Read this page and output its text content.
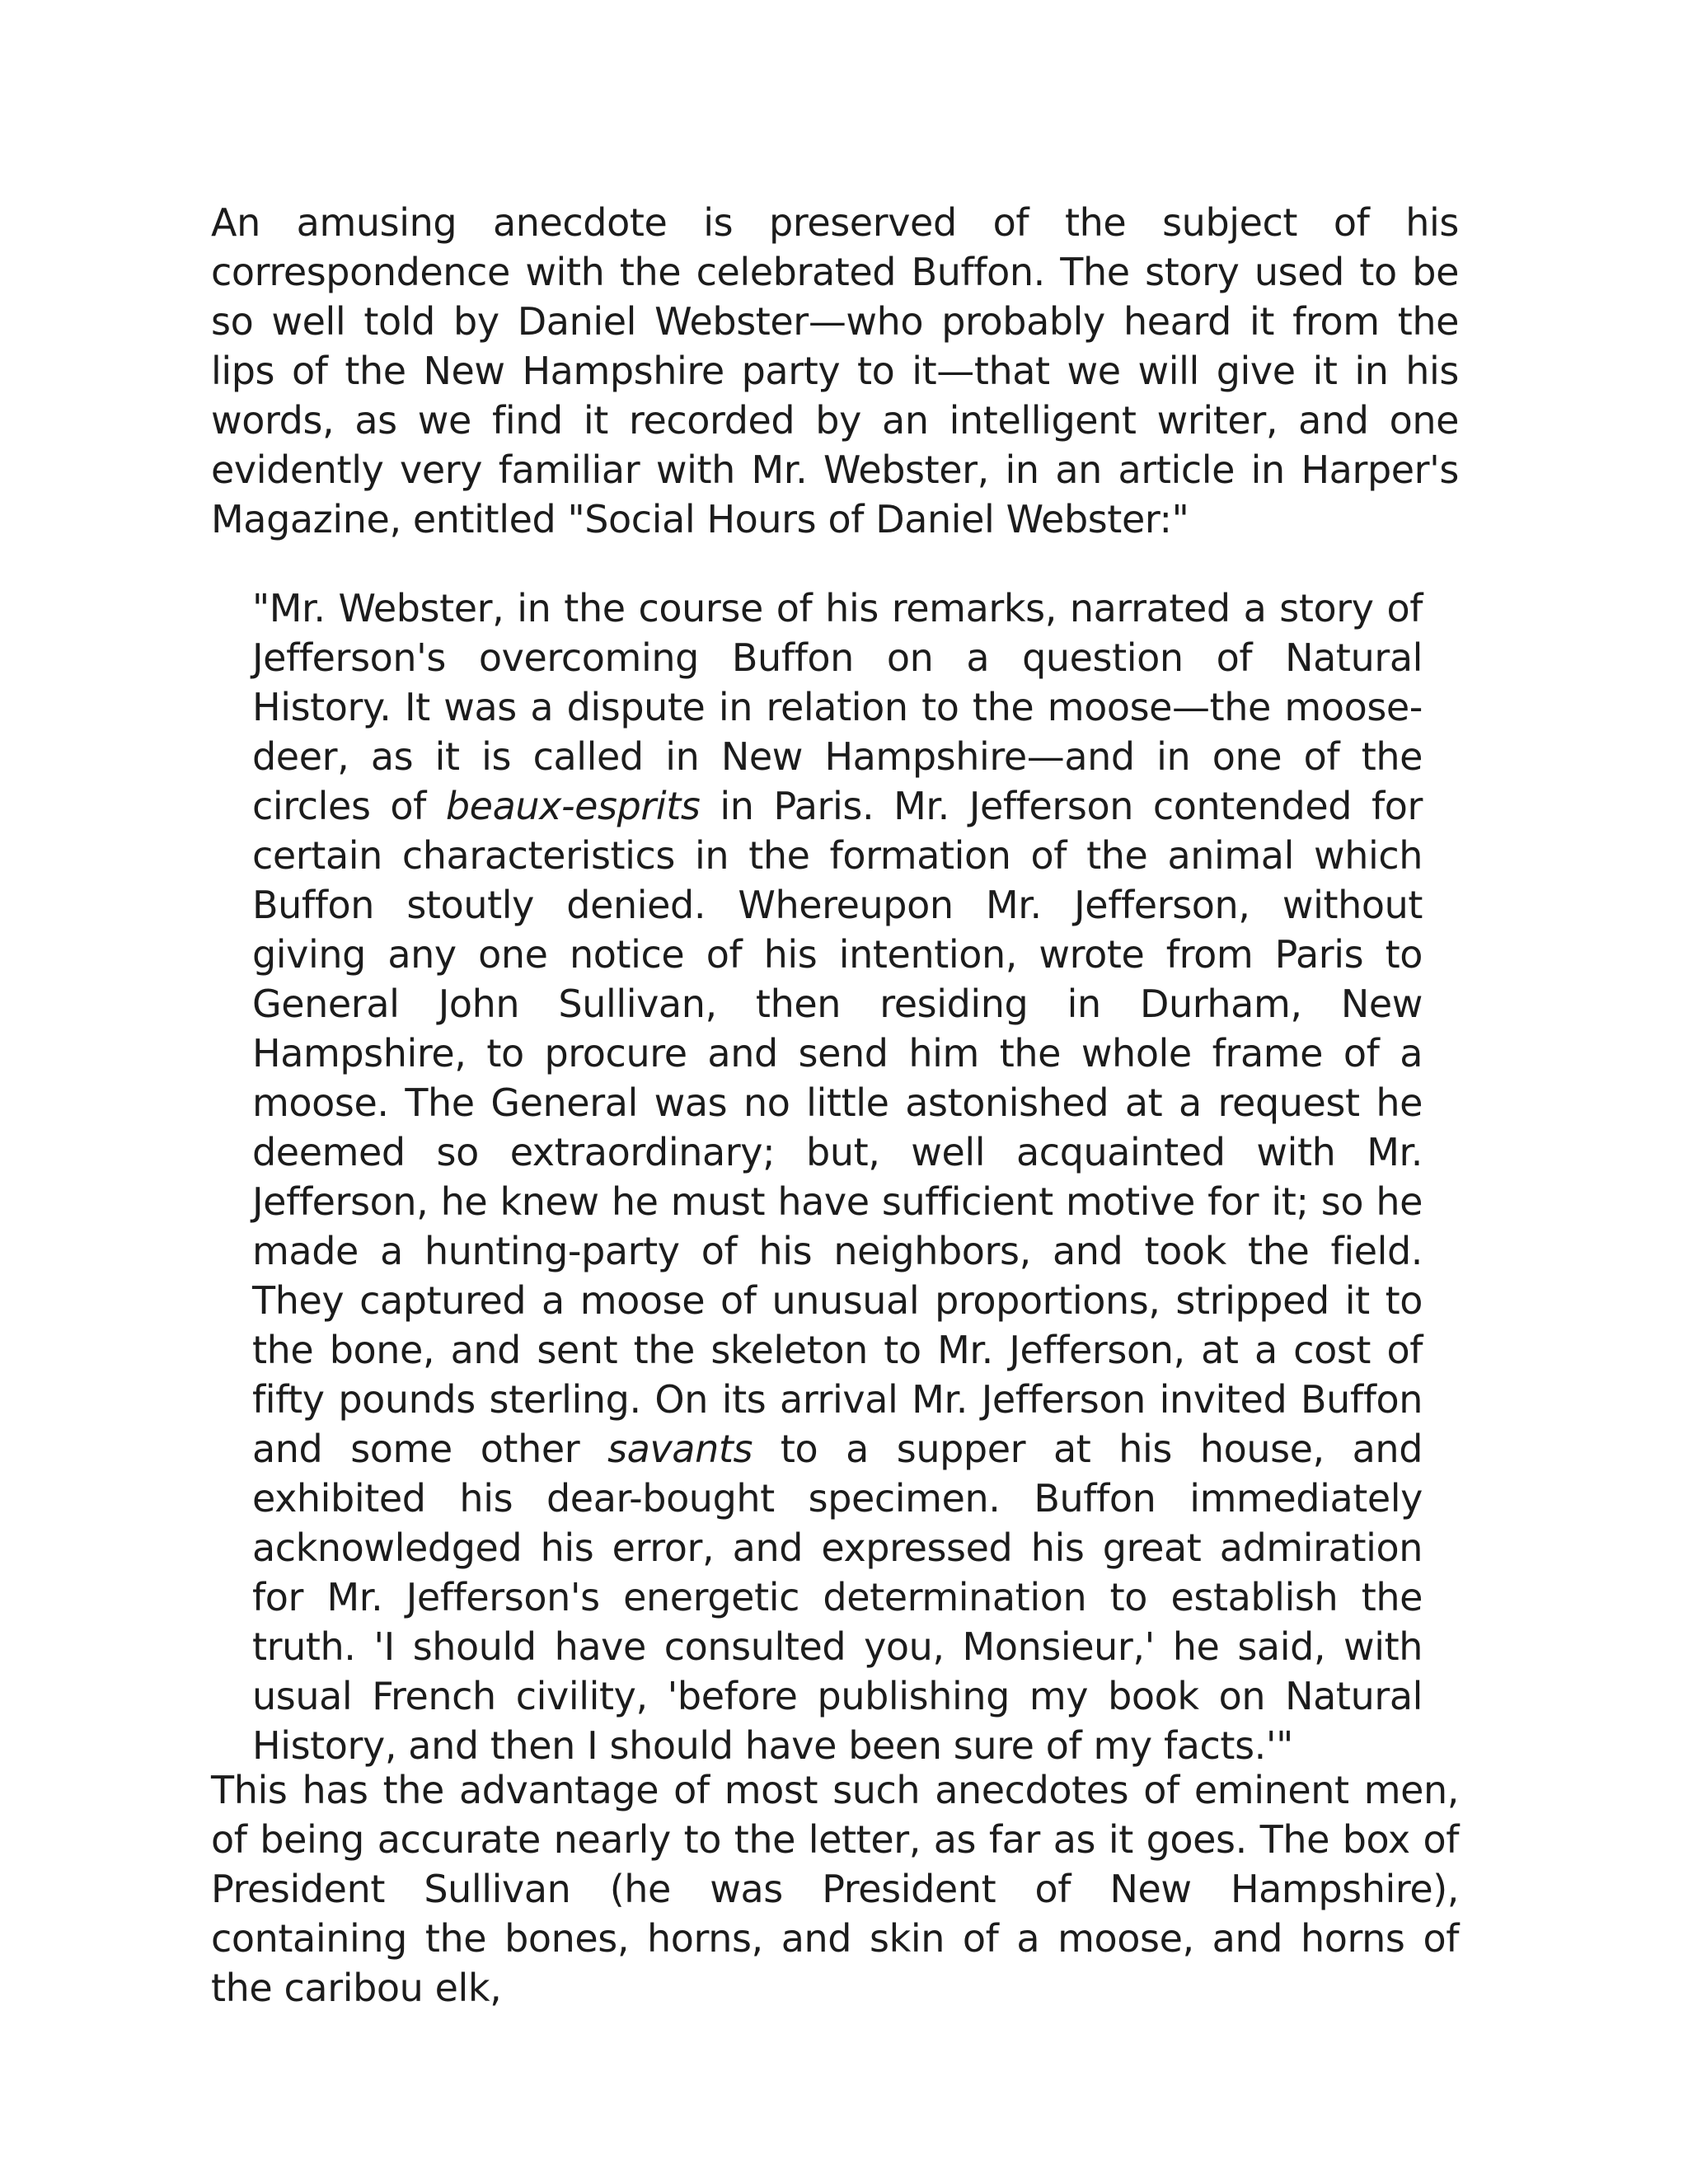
An amusing anecdote is preserved of the subject of his correspondence with the celebrated Buffon. The story used to be so well told by Daniel Webster—who probably heard it from the lips of the New Hampshire party to it—that we will give it in his words, as we find it recorded by an intelligent writer, and one evidently very familiar with Mr. Webster, in an article in Harper's Magazine, entitled "Social Hours of Daniel Webster:"

"Mr. Webster, in the course of his remarks, narrated a story of Jefferson's overcoming Buffon on a question of Natural History. It was a dispute in relation to the moose—the moose-deer, as it is called in New Hampshire—and in one of the circles of beaux-esprits in Paris. Mr. Jefferson contended for certain characteristics in the formation of the animal which Buffon stoutly denied. Whereupon Mr. Jefferson, without giving any one notice of his intention, wrote from Paris to General John Sullivan, then residing in Durham, New Hampshire, to procure and send him the whole frame of a moose. The General was no little astonished at a request he deemed so extraordinary; but, well acquainted with Mr. Jefferson, he knew he must have sufficient motive for it; so he made a hunting-party of his neighbors, and took the field. They captured a moose of unusual proportions, stripped it to the bone, and sent the skeleton to Mr. Jefferson, at a cost of fifty pounds sterling. On its arrival Mr. Jefferson invited Buffon and some other savants to a supper at his house, and exhibited his dear-bought specimen. Buffon immediately acknowledged his error, and expressed his great admiration for Mr. Jefferson's energetic determination to establish the truth. 'I should have consulted you, Monsieur,' he said, with usual French civility, 'before publishing my book on Natural History, and then I should have been sure of my facts.'"

This has the advantage of most such anecdotes of eminent men, of being accurate nearly to the letter, as far as it goes. The box of President Sullivan (he was President of New Hampshire), containing the bones, horns, and skin of a moose, and horns of the caribou elk,
